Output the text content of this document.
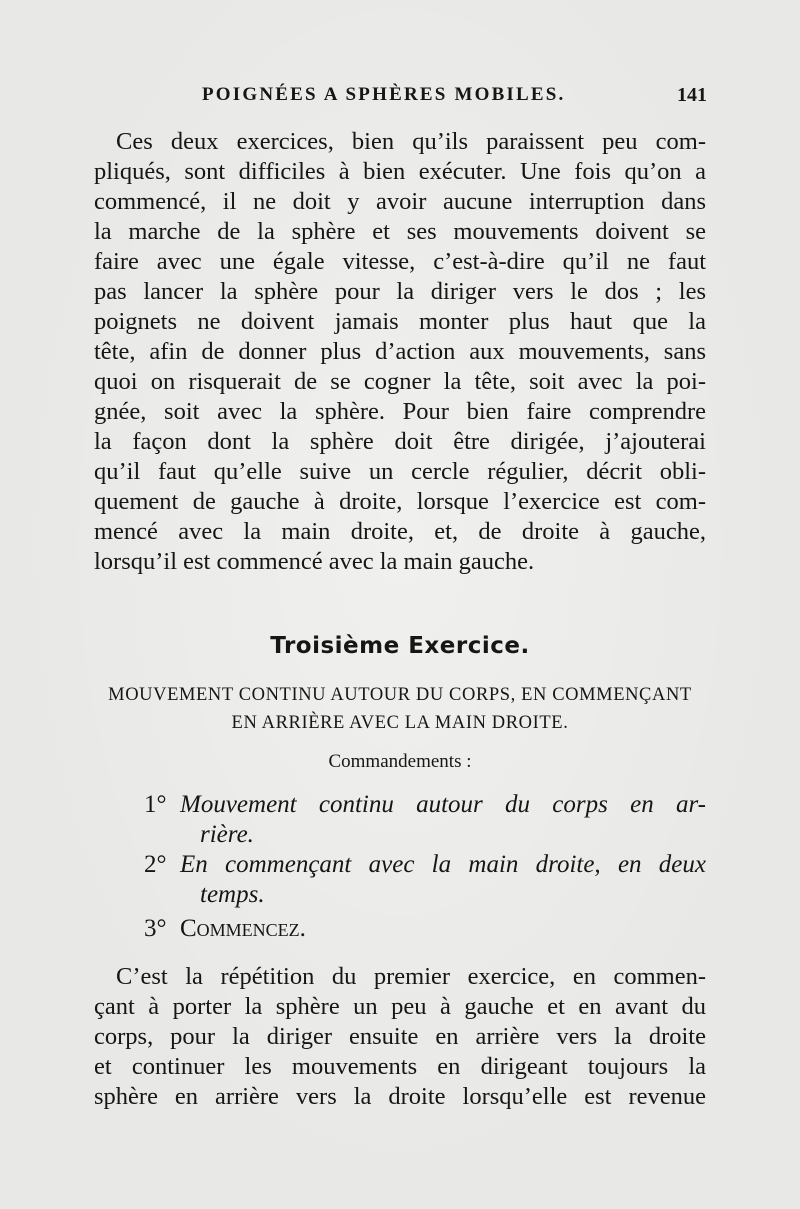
POIGNÉES A SPHÈRES MOBILES.	141
Ces deux exercices, bien qu’ils paraissent peu com-
pliqués, sont difficiles à bien exécuter. Une fois qu’on a
commencé, il ne doit y avoir aucune interruption dans
la marche de la sphère et ses mouvements doivent se
faire avec une égale vitesse, c’est-à-dire qu’il ne faut
pas lancer la sphère pour la diriger vers le dos ; les
poignets ne doivent jamais monter plus haut que la
tête, afin de donner plus d’action aux mouvements, sans
quoi on risquerait de se cogner la tête, soit avec la poi-
gnée, soit avec la sphère. Pour bien faire comprendre
la façon dont la sphère doit être dirigée, j’ajouterai
qu’il faut qu’elle suive un cercle régulier, décrit obli-
quement de gauche à droite, lorsque l’exercice est com-
mencé avec la main droite, et, de droite à gauche,
lorsqu’il est commencé avec la main gauche.
Troisième Exercice.
MOUVEMENT CONTINU AUTOUR DU CORPS, EN COMMENÇANT
EN ARRIÈRE AVEC LA MAIN DROITE.
Commandements :
1° Mouvement continu autour du corps en ar-
rière.
2° En commençant avec la main droite, en deux
temps.
3° Commencez.
C’est la répétition du premier exercice, en commen-
çant à porter la sphère un peu à gauche et en avant du
corps, pour la diriger ensuite en arrière vers la droite
et continuer les mouvements en dirigeant toujours la
sphère en arrière vers la droite lorsqu’elle est revenue
